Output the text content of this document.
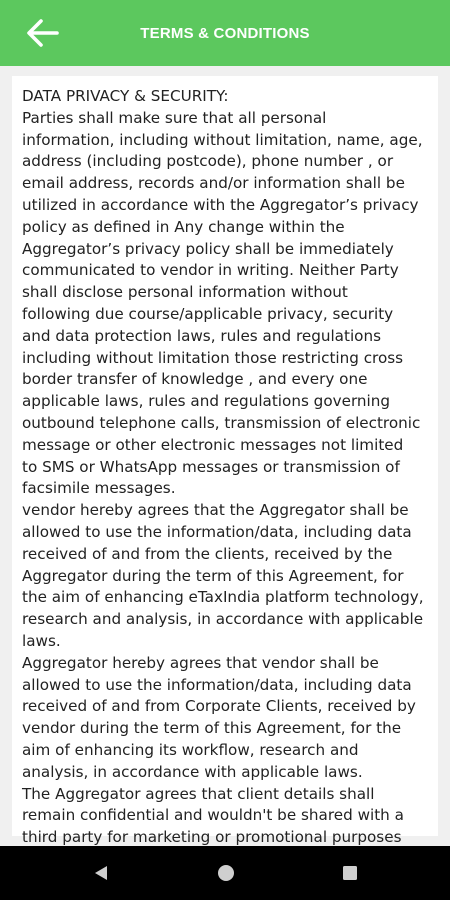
TERMS & CONDITIONS
DATA PRIVACY & SECURITY:
Parties shall make sure that all personal
information, including without limitation, name, age,
address (including postcode), phone number , or
email address, records and/or information shall be
utilized in accordance with the Aggregator’s privacy
policy as defined in Any change within the
Aggregator’s privacy policy shall be immediately
communicated to vendor in writing. Neither Party
shall disclose personal information without
following due course/applicable privacy, security
and data protection laws, rules and regulations
including without limitation those restricting cross
border transfer of knowledge , and every one
applicable laws, rules and regulations governing
outbound telephone calls, transmission of electronic
message or other electronic messages not limited
to SMS or WhatsApp messages or transmission of
facsimile messages.
vendor hereby agrees that the Aggregator shall be
allowed to use the information/data, including data
received of and from the clients, received by the
Aggregator during the term of this Agreement, for
the aim of enhancing eTaxIndia platform technology,
research and analysis, in accordance with applicable
laws.
Aggregator hereby agrees that vendor shall be
allowed to use the information/data, including data
received of and from Corporate Clients, received by
vendor during the term of this Agreement, for the
aim of enhancing its workflow, research and
analysis, in accordance with applicable laws.
The Aggregator agrees that client details shall
remain confidential and wouldn't be shared with a
third party for marketing or promotional purposes
